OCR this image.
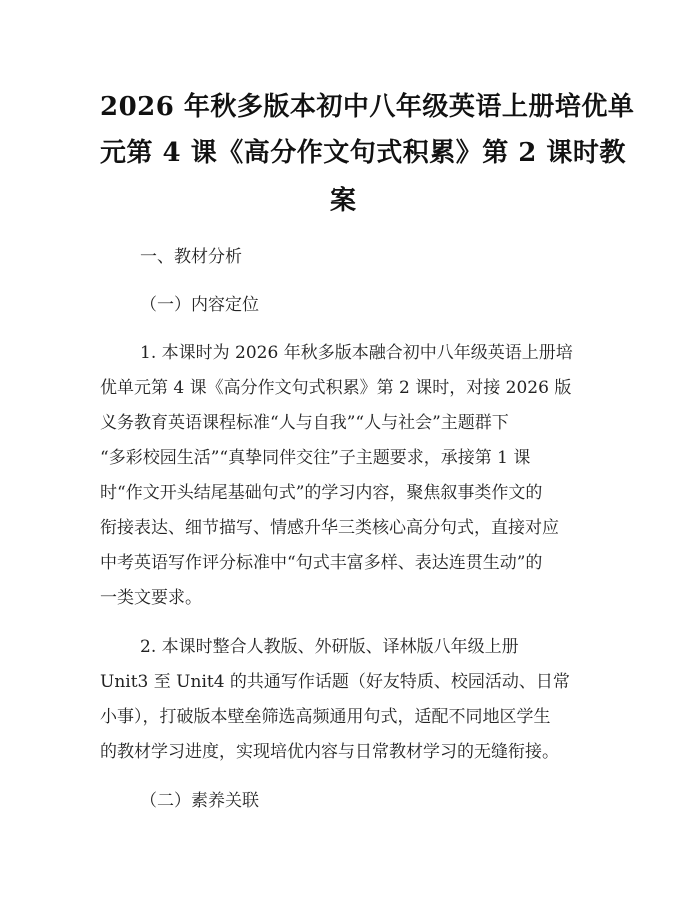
2026 年秋多版本初中八年级英语上册培优单
元第 4 课《高分作文句式积累》第 2 课时教
案
一、教材分析
（一）内容定位
1. 本课时为 2026 年秋多版本融合初中八年级英语上册培
优单元第 4 课《高分作文句式积累》第 2 课时，对接 2026 版
义务教育英语课程标准“人与自我”“人与社会”主题群下
“多彩校园生活”“真挚同伴交往”子主题要求，承接第 1 课
时“作文开头结尾基础句式”的学习内容，聚焦叙事类作文的
衔接表达、细节描写、情感升华三类核心高分句式，直接对应
中考英语写作评分标准中“句式丰富多样、表达连贯生动”的
一类文要求。
2. 本课时整合人教版、外研版、译林版八年级上册
Unit3 至 Unit4 的共通写作话题（好友特质、校园活动、日常
小事），打破版本壁垒筛选高频通用句式，适配不同地区学生
的教材学习进度，实现培优内容与日常教材学习的无缝衔接。
（二）素养关联
